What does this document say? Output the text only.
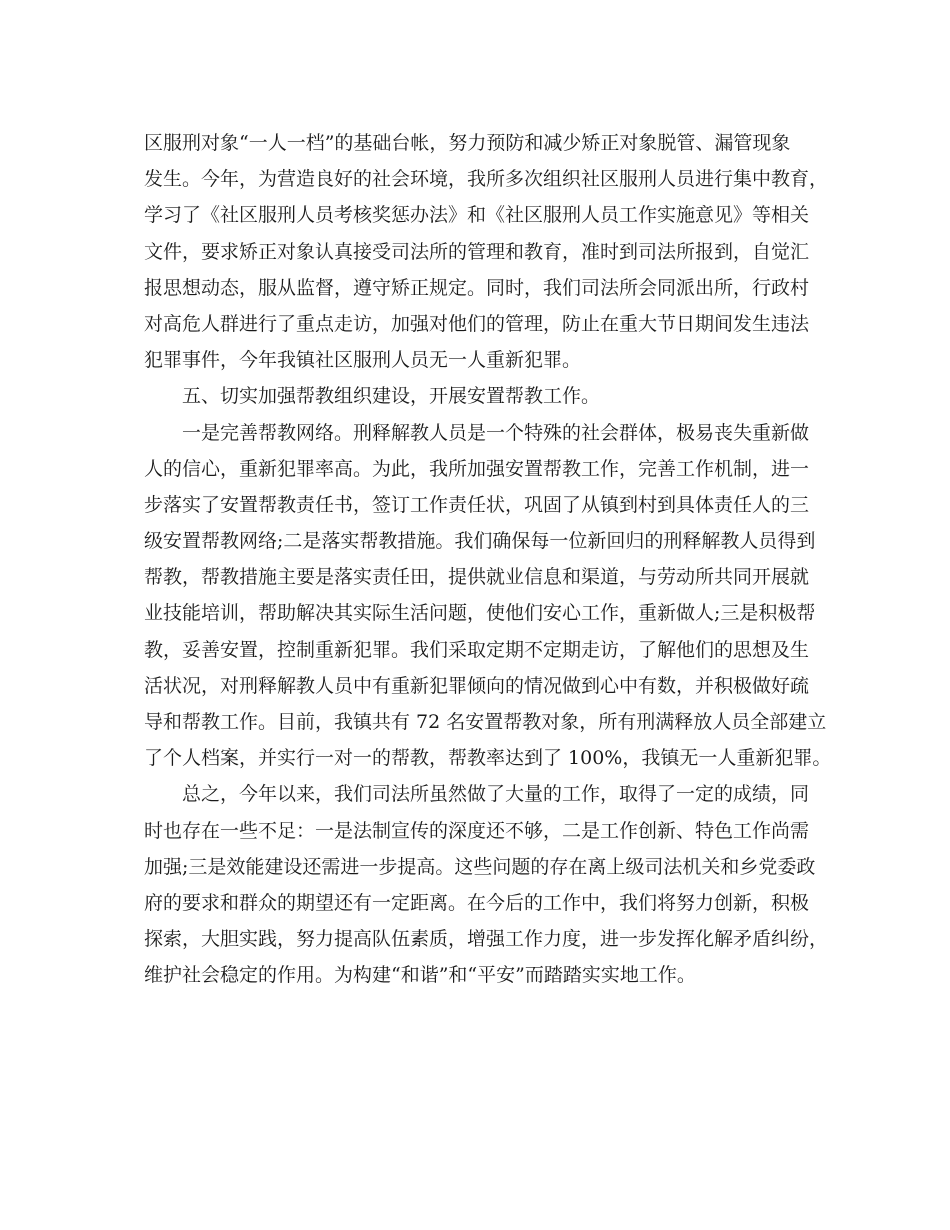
区服刑对象“一人一档”的基础台帐，努力预防和减少矫正对象脱管、漏管现象
发生。今年，为营造良好的社会环境，我所多次组织社区服刑人员进行集中教育，
学习了《社区服刑人员考核奖惩办法》和《社区服刑人员工作实施意见》等相关
文件，要求矫正对象认真接受司法所的管理和教育，准时到司法所报到，自觉汇
报思想动态，服从监督，遵守矫正规定。同时，我们司法所会同派出所，行政村
对高危人群进行了重点走访，加强对他们的管理，防止在重大节日期间发生违法
犯罪事件，今年我镇社区服刑人员无一人重新犯罪。
五、切实加强帮教组织建设，开展安置帮教工作。
一是完善帮教网络。刑释解教人员是一个特殊的社会群体，极易丧失重新做
人的信心，重新犯罪率高。为此，我所加强安置帮教工作，完善工作机制，进一
步落实了安置帮教责任书，签订工作责任状，巩固了从镇到村到具体责任人的三
级安置帮教网络;二是落实帮教措施。我们确保每一位新回归的刑释解教人员得到
帮教，帮教措施主要是落实责任田，提供就业信息和渠道，与劳动所共同开展就
业技能培训，帮助解决其实际生活问题，使他们安心工作，重新做人;三是积极帮
教，妥善安置，控制重新犯罪。我们采取定期不定期走访，了解他们的思想及生
活状况，对刑释解教人员中有重新犯罪倾向的情况做到心中有数，并积极做好疏
导和帮教工作。目前，我镇共有 72 名安置帮教对象，所有刑满释放人员全部建立
了个人档案，并实行一对一的帮教，帮教率达到了 100%，我镇无一人重新犯罪。
总之，今年以来，我们司法所虽然做了大量的工作，取得了一定的成绩，同
时也存在一些不足：一是法制宣传的深度还不够，二是工作创新、特色工作尚需
加强;三是效能建设还需进一步提高。这些问题的存在离上级司法机关和乡党委政
府的要求和群众的期望还有一定距离。在今后的工作中，我们将努力创新，积极
探索，大胆实践，努力提高队伍素质，增强工作力度，进一步发挥化解矛盾纠纷，
维护社会稳定的作用。为构建“和谐”和“平安”而踏踏实实地工作。
